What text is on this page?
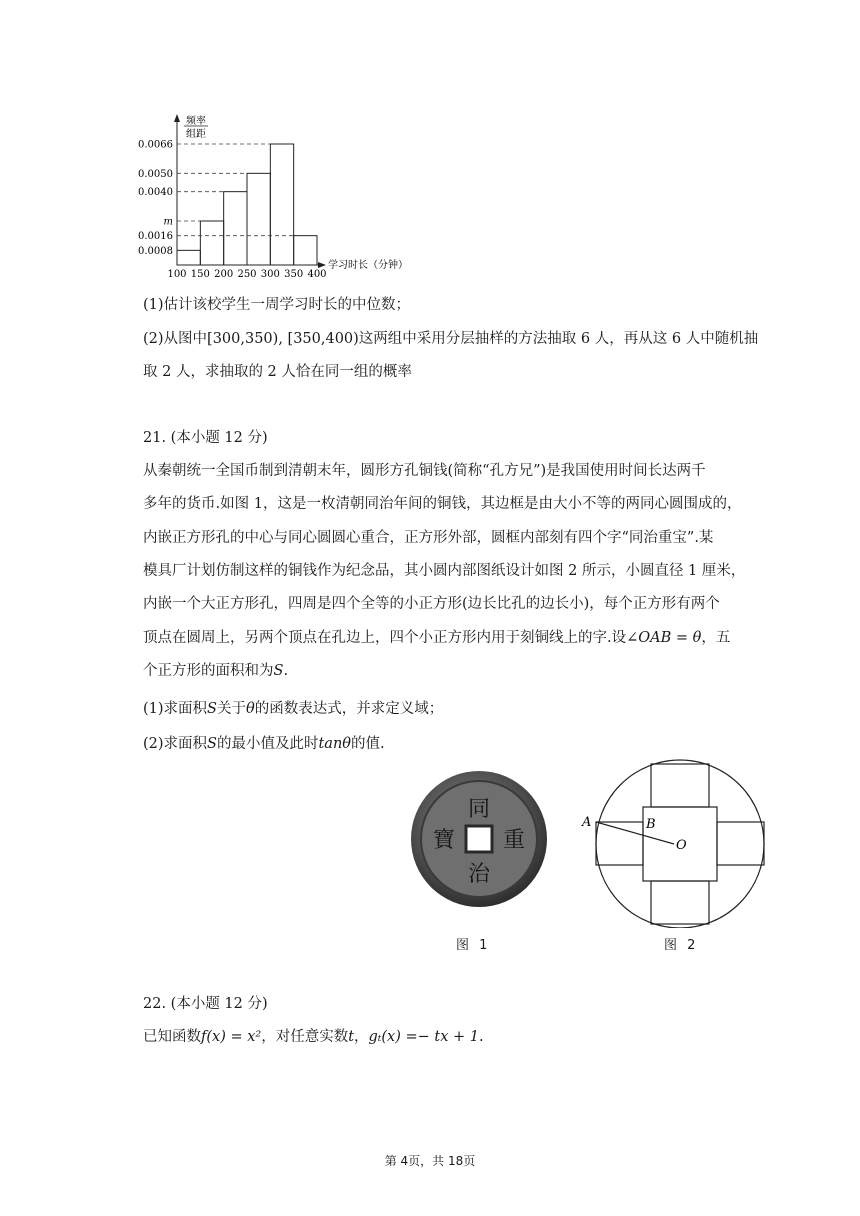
频率
组距
学习时长（分钟）
0.0066
0.0050
0.0040
m
0.0016
0.0008
100 150 200 250 300 350 400
(1)估计该校学生一周学习时长的中位数；
(2)从图中[300,350), [350,400)这两组中采用分层抽样的方法抽取 6 人，再从这 6 人中随机抽
取 2 人，求抽取的 2 人恰在同一组的概率
21. (本小题 12 分)
从秦朝统一全国币制到清朝末年，圆形方孔铜钱(简称“孔方兄”)是我国使用时间长达两千
多年的货币.如图 1，这是一枚清朝同治年间的铜钱，其边框是由大小不等的两同心圆围成的，
内嵌正方形孔的中心与同心圆圆心重合，正方形外部，圆框内部刻有四个字“同治重宝”.某
模具厂计划仿制这样的铜钱作为纪念品，其小圆内部图纸设计如图 2 所示，小圆直径 1 厘米，
内嵌一个大正方形孔，四周是四个全等的小正方形(边长比孔的边长小)，每个正方形有两个
顶点在圆周上，另两个顶点在孔边上，四个小正方形内用于刻铜线上的字.设∠OAB = θ，五
个正方形的面积和为S.
(1)求面积S关于θ的函数表达式，并求定义域；
(2)求面积S的最小值及此时tanθ的值.
同
重
治
寶
图 1
A	B
O
图 2
22. (本小题 12 分)
已知函数f(x) = x²，对任意实数t，gₜ(x) =− tx + 1.
第 4页，共 18页
